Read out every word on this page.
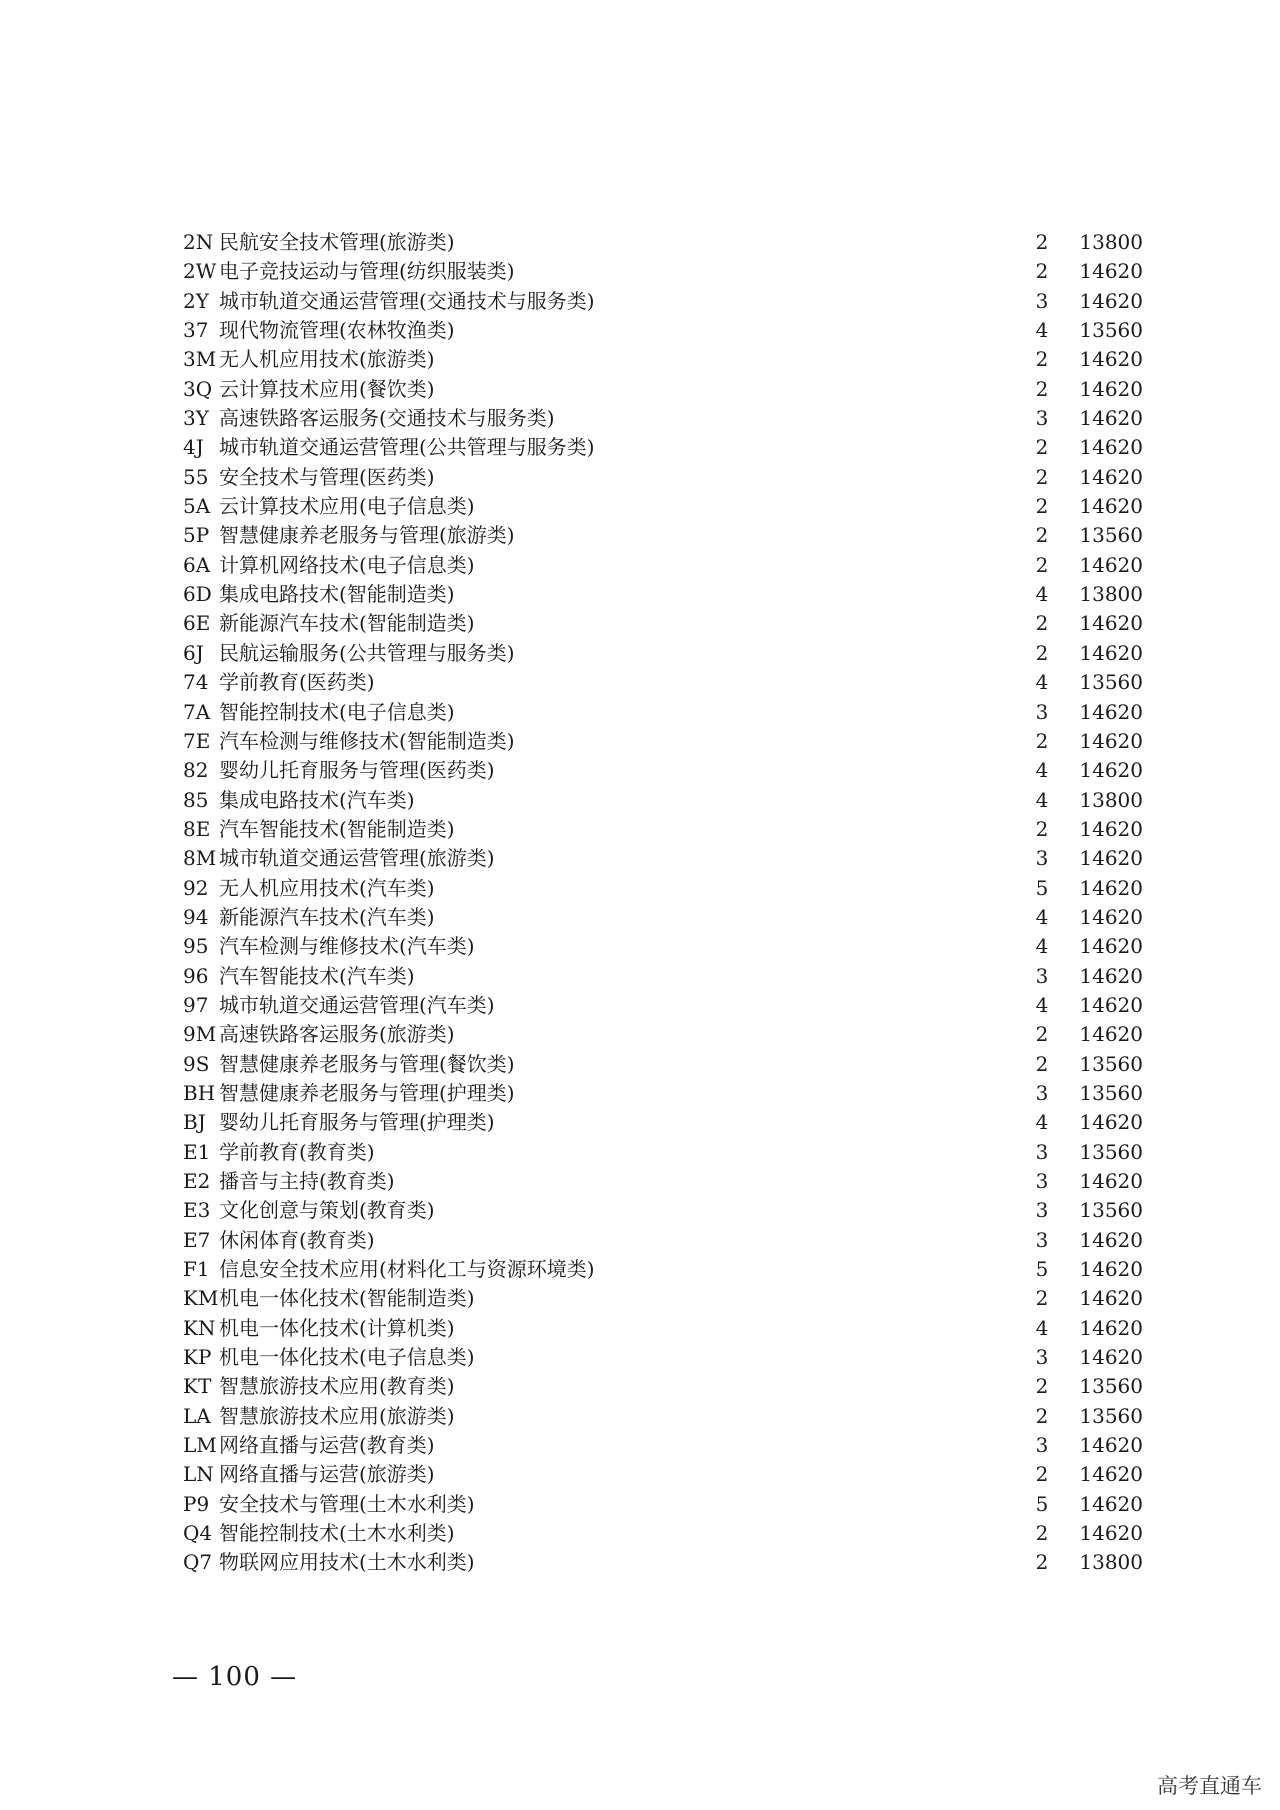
2N 民航安全技术管理(旅游类)	2	13800
2W 电子竞技运动与管理(纺织服装类)	2	14620
2Y 城市轨道交通运营管理(交通技术与服务类)	3	14620
37 现代物流管理(农林牧渔类)	4	13560
3M 无人机应用技术(旅游类)	2	14620
3Q 云计算技术应用(餐饮类)	2	14620
3Y 高速铁路客运服务(交通技术与服务类)	3	14620
4J 城市轨道交通运营管理(公共管理与服务类)	2	14620
55 安全技术与管理(医药类)	2	14620
5A 云计算技术应用(电子信息类)	2	14620
5P 智慧健康养老服务与管理(旅游类)	2	13560
6A 计算机网络技术(电子信息类)	2	14620
6D 集成电路技术(智能制造类)	4	13800
6E 新能源汽车技术(智能制造类)	2	14620
6J 民航运输服务(公共管理与服务类)	2	14620
74 学前教育(医药类)	4	13560
7A 智能控制技术(电子信息类)	3	14620
7E 汽车检测与维修技术(智能制造类)	2	14620
82 婴幼儿托育服务与管理(医药类)	4	14620
85 集成电路技术(汽车类)	4	13800
8E 汽车智能技术(智能制造类)	2	14620
8M 城市轨道交通运营管理(旅游类)	3	14620
92 无人机应用技术(汽车类)	5	14620
94 新能源汽车技术(汽车类)	4	14620
95 汽车检测与维修技术(汽车类)	4	14620
96 汽车智能技术(汽车类)	3	14620
97 城市轨道交通运营管理(汽车类)	4	14620
9M 高速铁路客运服务(旅游类)	2	14620
9S 智慧健康养老服务与管理(餐饮类)	2	13560
BH 智慧健康养老服务与管理(护理类)	3	13560
BJ 婴幼儿托育服务与管理(护理类)	4	14620
E1 学前教育(教育类)	3	13560
E2 播音与主持(教育类)	3	14620
E3 文化创意与策划(教育类)	3	13560
E7 休闲体育(教育类)	3	14620
F1 信息安全技术应用(材料化工与资源环境类)	5	14620
KM 机电一体化技术(智能制造类)	2	14620
KN 机电一体化技术(计算机类)	4	14620
KP 机电一体化技术(电子信息类)	3	14620
KT 智慧旅游技术应用(教育类)	2	13560
LA 智慧旅游技术应用(旅游类)	2	13560
LM 网络直播与运营(教育类)	3	14620
LN 网络直播与运营(旅游类)	2	14620
P9 安全技术与管理(土木水利类)	5	14620
Q4 智能控制技术(土木水利类)	2	14620
Q7 物联网应用技术(土木水利类)	2	13800
— 100 —
高考直通车
